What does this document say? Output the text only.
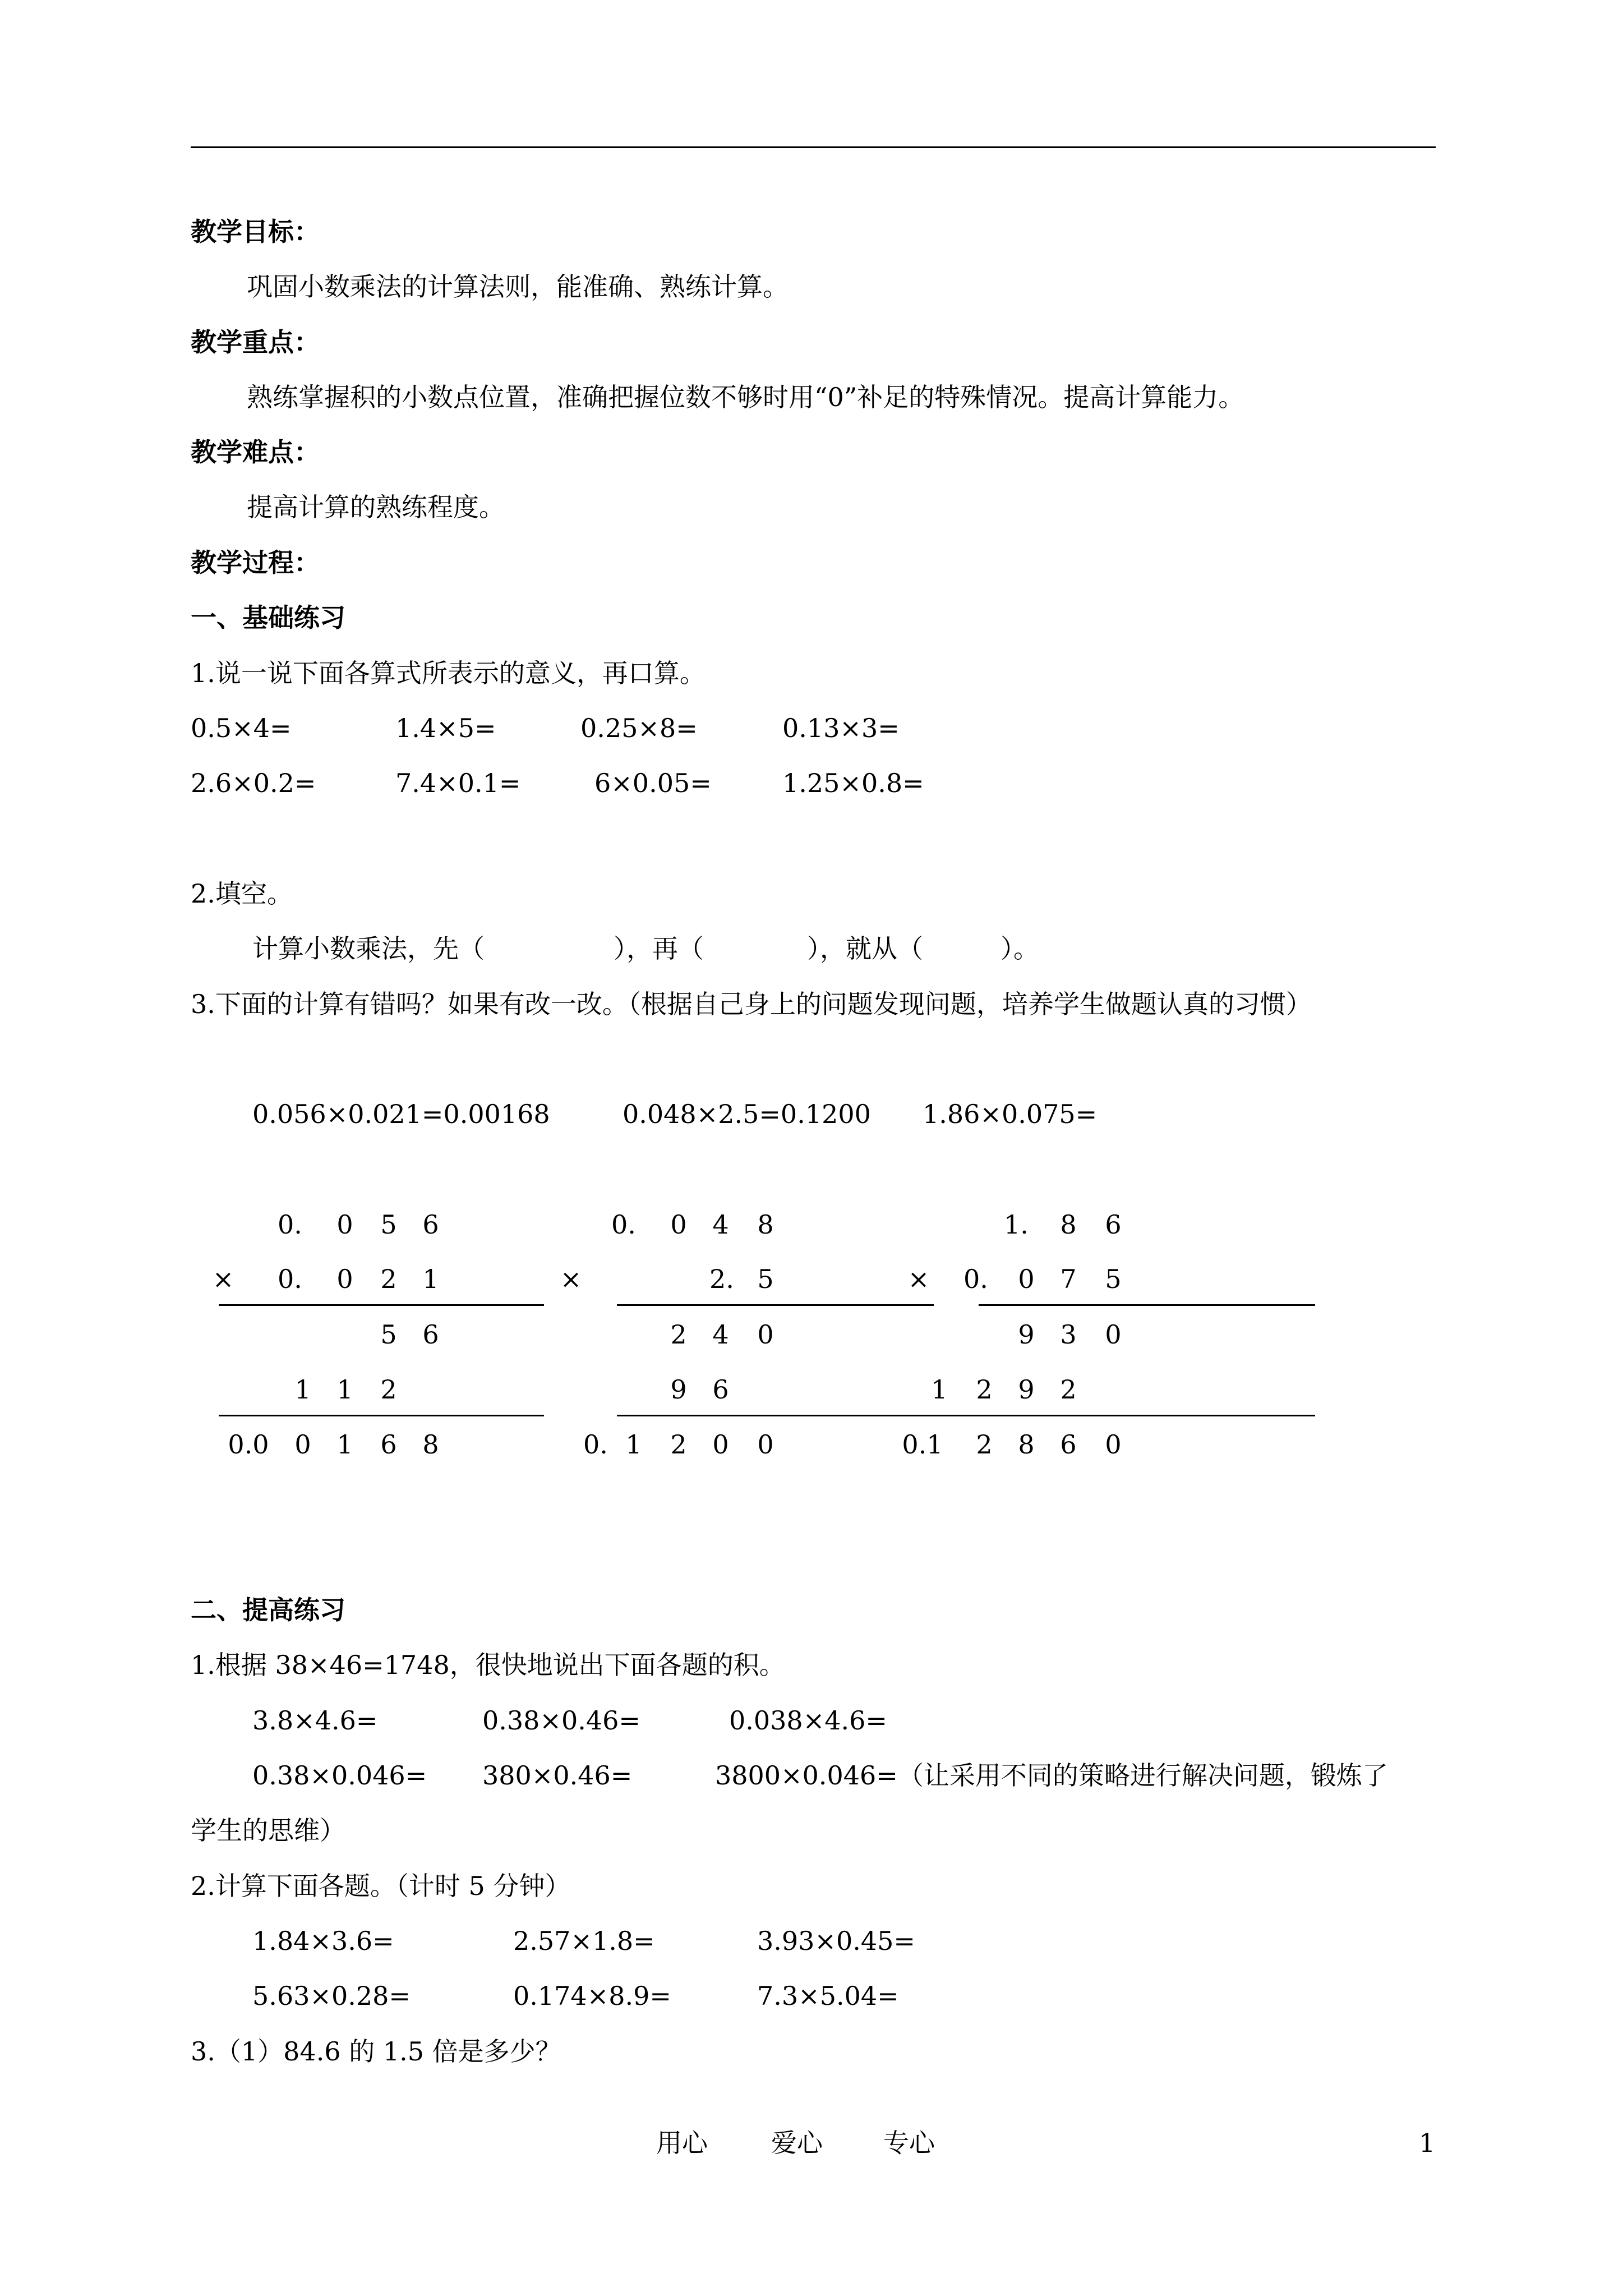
教学目标：
巩固小数乘法的计算法则，能准确、熟练计算。
教学重点：
熟练掌握积的小数点位置，准确把握位数不够时用“0”补足的特殊情况。提高计算能力。
教学难点：
提高计算的熟练程度。
教学过程：
一、基础练习
1.说一说下面各算式所表示的意义，再口算。
0.5×4=	1.4×5=	0.25×8=	0.13×3=
2.6×0.2=	7.4×0.1=	6×0.05=	1.25×0.8=
2.填空。
计算小数乘法，先（　　　　　），再（　　　　），就从（　　　）。
3.下面的计算有错吗？如果有改一改。（根据自己身上的问题发现问题，培养学生做题认真的习惯）
0.056×0.021=0.00168	0.048×2.5=0.1200 1.86×0.075=
0. 0 5 6
× 0. 0 2 1
5 6
1 1 2
0.0 0 1 6 8
0. 0 4 8
×	2. 5
2 4 0
9 6
0. 1 2 0 0
1. 8 6
× 0. 0 7 5
9 3 0
1 2 9 2
0.1 2 8 6 0
二、提高练习
1.根据 38×46=1748，很快地说出下面各题的积。
3.8×4.6=	0.38×0.46=	0.038×4.6=
0.38×0.046= 380×0.46=	3800×0.046=（让采用不同的策略进行解决问题，锻炼了
学生的思维）
2.计算下面各题。（计时 5 分钟）
1.84×3.6=	2.57×1.8=	3.93×0.45=
5.63×0.28=	0.174×8.9=	7.3×5.04=
3.（1）84.6 的 1.5 倍是多少？
用心 爱心 专心	1
